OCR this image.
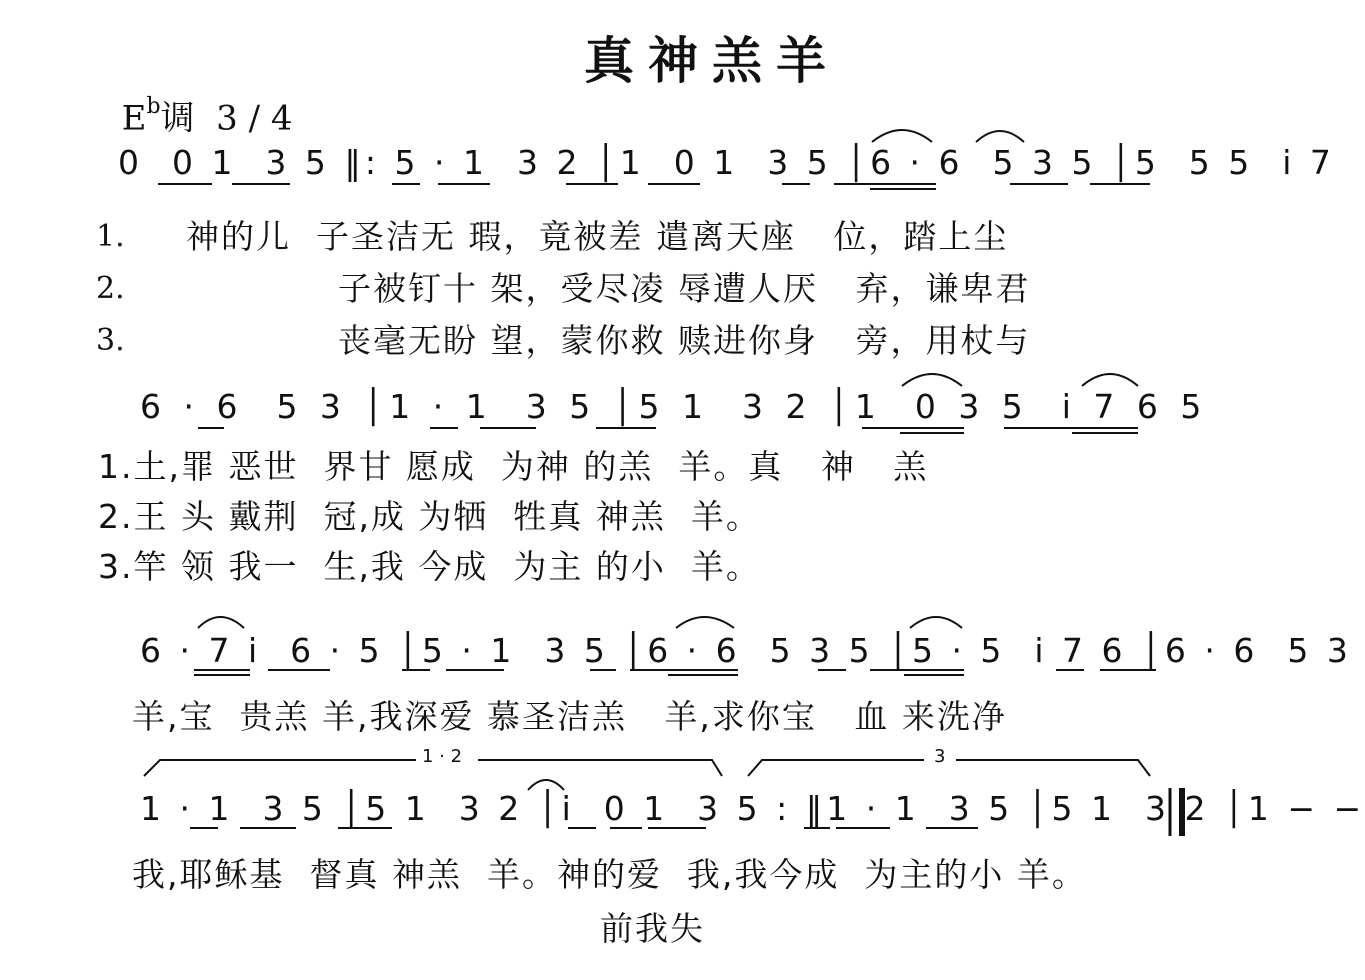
$E^b$调  3 / 4

真神羔羊
0  0 1  3 5 ‖: 5 · 1  3 2 │1  0 1  3 5 │6 · 6  5 3 5 │5  5 5  i 7
1.
2.
3.
神的儿  子圣洁无 瑕，竟被差 遣离天座   位，踏上尘
子被钉十 架，受尽凌 辱遭人厌   弃，谦卑君
丧毫无盼 望，蒙你救 赎进你身   旁，用杖与
6 · 6  5 3 │1 · 1  3 5 │5 1  3 2 │1  0 3 5  i 7 6 5
1.土,罪 恶世  界甘 愿成  为神 的羔  羊。真   神   羔
2.王 头 戴荆  冠,成 为牺  牲真 神羔  羊。
3.竿 领 我一  生,我 今成  为主 的小  羊。
6 · 7 i  6 · 5 │5 · 1  3 5 │6 · 6  5 3 5 │5 · 5  i 7 6 │6 · 6  5 3
羊,宝  贵羔 羊,我深爱 慕圣洁羔   羊,求你宝   血 来洗净
1 · 2	3
1 · 1  3 5 │5 1  3 2 │i  0 1  3 5 : ‖1 · 1  3 5 │5 1  3 2 │1 − −
我,耶稣基  督真 神羔  羊。神的爱  我,我今成  为主的小 羊。
前我失
